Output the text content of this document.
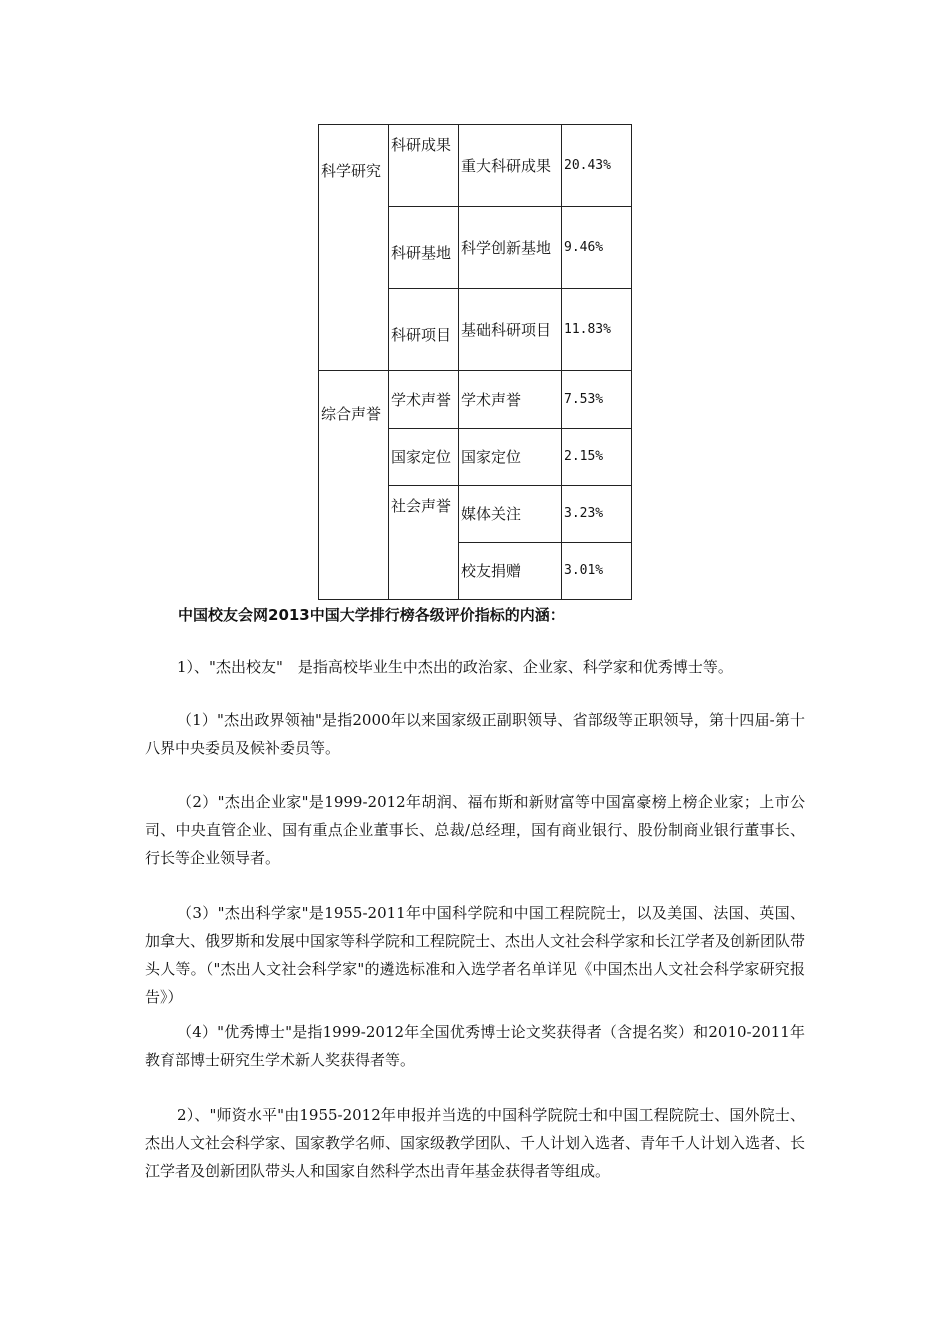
科学研究	科研成果	重大科研成果	20.43%
	科研基地	科学创新基地	9.46%
	科研项目	基础科研项目	11.83%
综合声誉	学术声誉	学术声誉	7.53%
	国家定位	国家定位	2.15%
	社会声誉	媒体关注	3.23%
		校友捐赠	3.01%

中国校友会网2013中国大学排行榜各级评价指标的内涵：

1）、"杰出校友"　是指高校毕业生中杰出的政治家、企业家、科学家和优秀博士等。

（1）"杰出政界领袖"是指2000年以来国家级正副职领导、省部级等正职领导，第十四届-第十八界中央委员及候补委员等。

（2）"杰出企业家"是1999-2012年胡润、福布斯和新财富等中国富豪榜上榜企业家；上市公司、中央直管企业、国有重点企业董事长、总裁/总经理，国有商业银行、股份制商业银行董事长、行长等企业领导者。

（3）"杰出科学家"是1955-2011年中国科学院和中国工程院院士，以及美国、法国、英国、加拿大、俄罗斯和发展中国家等科学院和工程院院士、杰出人文社会科学家和长江学者及创新团队带头人等。（"杰出人文社会科学家"的遴选标准和入选学者名单详见《中国杰出人文社会科学家研究报告》）

（4）"优秀博士"是指1999-2012年全国优秀博士论文奖获得者（含提名奖）和2010-2011年教育部博士研究生学术新人奖获得者等。

2）、"师资水平"由1955-2012年申报并当选的中国科学院院士和中国工程院院士、国外院士、杰出人文社会科学家、国家教学名师、国家级教学团队、千人计划入选者、青年千人计划入选者、长江学者及创新团队带头人和国家自然科学杰出青年基金获得者等组成。
